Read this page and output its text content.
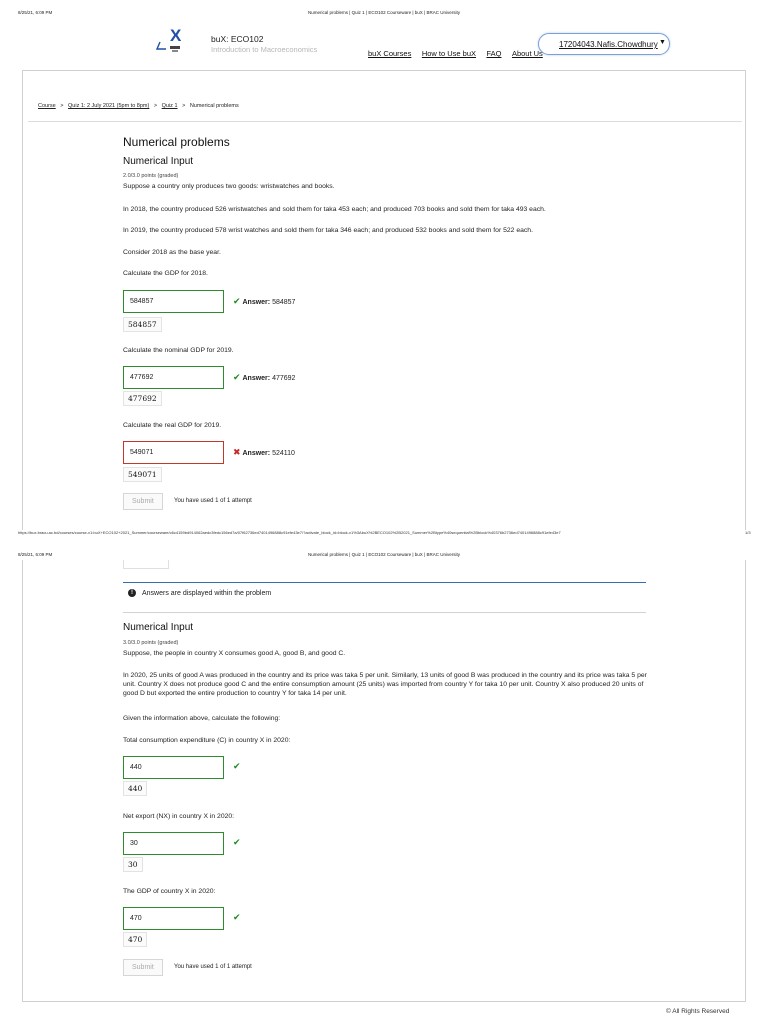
8/25/21, 6:09 PM	Numerical problems | Quiz 1 | ECO102 Courseware | buX | BRAC University
X	buX: ECO102
Introduction to Macroeconomics	buX Courses How to Use buX FAQ About Us
17204043.Nafis.Chowdhury ▼
Course > Quiz 1: 2 July 2021 (5pm to 8pm) > Quiz 1 > Numerical problems
Numerical problems
Numerical Input
2.0/3.0 points (graded)
Suppose a country only produces two goods: wristwatches and books.
In 2018, the country produced 526 wristwatches and sold them for taka 453 each; and produced 703 books and sold them for taka 493 each.
In 2019, the country produced 578 wrist watches and sold them for taka 346 each; and produced 532 books and sold them for 522 each.
Consider 2018 as the base year.
Calculate the GDP for 2018.
584857	✔ Answer: 584857
584857
Calculate the nominal GDP for 2019.
477692	✔ Answer: 477692
477692
Calculate the real GDP for 2019.
549071	✖ Answer: 524110
549071
Submit	You have used 1 of 1 attempt
https://bux.bracu.ac.bd/courses/course-v1:buX+ECO102+2021_Summer/courseware/c6c4159bd914062aedc3fedc156ed7a/07f62736ed7401496888c91efe43e7/?activate_block_id=block-v1%3AbuX%2BECO102%2B2021_Summer%2Btype%40sequential%2Bblock%40376b2736ed7401496888c91efe43e7	1/3
8/25/21, 6:09 PM	Numerical problems | Quiz 1 | ECO102 Courseware | buX | BRAC University
! Answers are displayed within the problem
Numerical Input
3.0/3.0 points (graded)
Suppose, the people in country X consumes good A, good B, and good C.
In 2020, 25 units of good A was produced in the country and its price was taka 5 per unit. Similarly, 13 units of good B was produced in the country and its price was taka 5 per unit. Country X does not produce good C and the entire consumption amount (25 units) was imported from country Y for taka 10 per unit. Country X also produced 20 units of good D but exported the entire production to country Y for taka 14 per unit.
Given the information above, calculate the following:
Total consumption expenditure (C) in country X in 2020:
440	✔
440
Net export (NX) in country X in 2020:
30	✔
30
The GDP of country X in 2020:
470	✔
470
Submit	You have used 1 of 1 attempt
© All Rights Reserved
